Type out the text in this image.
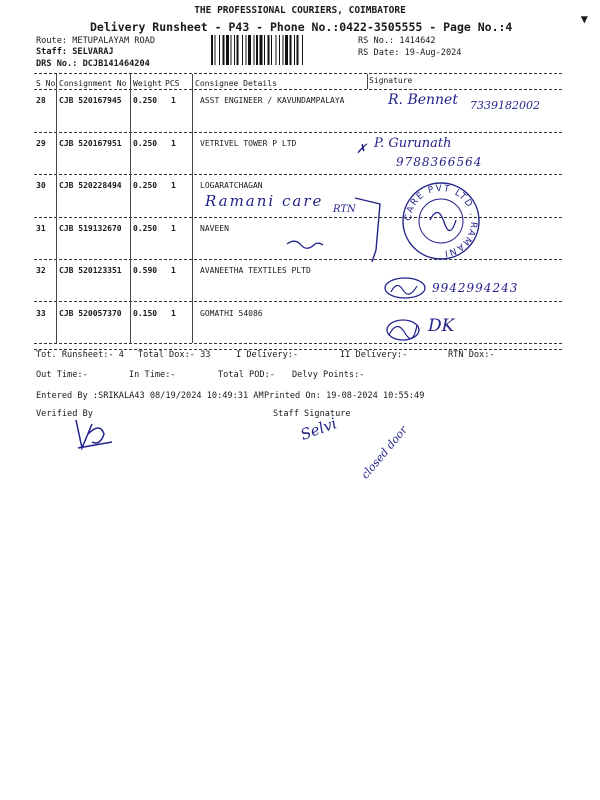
THE PROFESSIONAL COURIERS, COIMBATORE
Delivery Runsheet - P43 - Phone No.:0422-3505555 - Page No.:4
▼
Route: METUPALAYAM ROAD
Staff: SELVARAJ
DRS No.: DCJB141464204
RS No.: 1414642
RS Date: 19-Aug-2024
S No Consignment No Weight PCS Consignee Details	Signature
28 CJB 520167945 0.250 1	ASST ENGINEER / KAVUNDAMPALAYA
29 CJB 520167951 0.250 1	VETRIVEL TOWER P LTD
30 CJB 520228494 0.250 1	LOGARATCHAGAN
31 CJB 519132670 0.250 1	NAVEEN
32 CJB 520123351 0.590 1	AVANEETHA TEXTILES PLTD
33 CJB 520057370 0.150 1	GOMATHI 54086
R. Bennet 7339182002
✗ P. Gurunath
9788366564
Ramani care RTN
9942994243
DK
CARE PVT LTD . RAMANI
Tot. Runsheet:- 4 Total Dox:- 33	I Delivery:-	II Delivery:-	RTN Dox:-
Out Time:-	In Time:-	Total POD:- Delvy Points:-
Entered By :SRIKALA43 08/19/2024 10:49:31 AM Printed On: 19-08-2024 10:55:49
Verified By	Staff Signature
Selvi closed door
